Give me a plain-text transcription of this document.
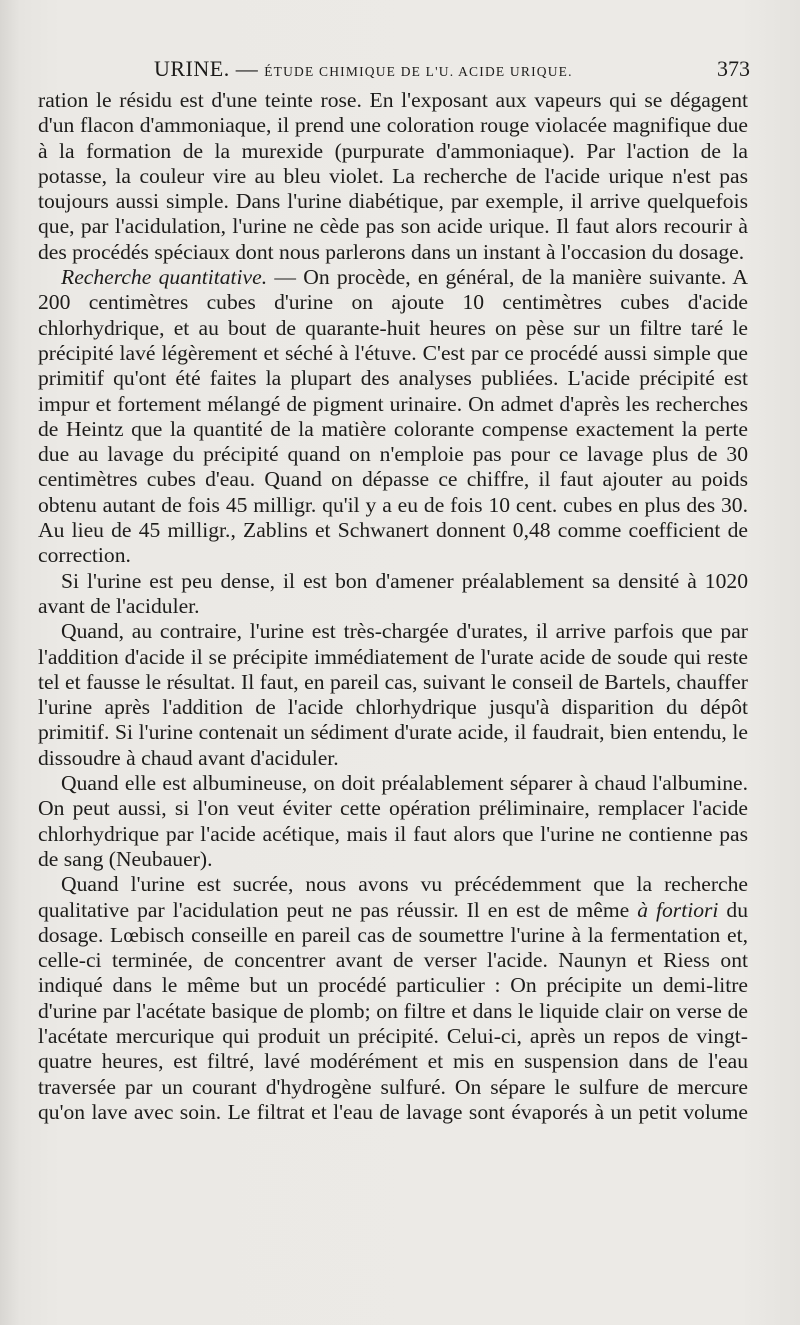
URINE. — ÉTUDE CHIMIQUE DE L'U. ACIDE URIQUE.	373

ration le résidu est d'une teinte rose. En l'exposant aux vapeurs qui se dégagent d'un flacon d'ammoniaque, il prend une coloration rouge violacée magnifique due à la formation de la murexide (purpurate d'ammoniaque). Par l'action de la potasse, la couleur vire au bleu violet. La recherche de l'acide urique n'est pas toujours aussi simple. Dans l'urine diabétique, par exemple, il arrive quelquefois que, par l'acidulation, l'urine ne cède pas son acide urique. Il faut alors recourir à des procédés spéciaux dont nous parlerons dans un instant à l'occasion du dosage.

Recherche quantitative. — On procède, en général, de la manière suivante. A 200 centimètres cubes d'urine on ajoute 10 centimètres cubes d'acide chlorhydrique, et au bout de quarante-huit heures on pèse sur un filtre taré le précipité lavé légèrement et séché à l'étuve. C'est par ce procédé aussi simple que primitif qu'ont été faites la plupart des analyses publiées. L'acide précipité est impur et fortement mélangé de pigment urinaire. On admet d'après les recherches de Heintz que la quantité de la matière colorante compense exactement la perte due au lavage du précipité quand on n'emploie pas pour ce lavage plus de 30 centimètres cubes d'eau. Quand on dépasse ce chiffre, il faut ajouter au poids obtenu autant de fois 45 milligr. qu'il y a eu de fois 10 cent. cubes en plus des 30. Au lieu de 45 milligr., Zablins et Schwanert donnent 0,48 comme coefficient de correction.

Si l'urine est peu dense, il est bon d'amener préalablement sa densité à 1020 avant de l'aciduler.

Quand, au contraire, l'urine est très-chargée d'urates, il arrive parfois que par l'addition d'acide il se précipite immédiatement de l'urate acide de soude qui reste tel et fausse le résultat. Il faut, en pareil cas, suivant le conseil de Bartels, chauffer l'urine après l'addition de l'acide chlorhydrique jusqu'à disparition du dépôt primitif. Si l'urine contenait un sédiment d'urate acide, il faudrait, bien entendu, le dissoudre à chaud avant d'aciduler.

Quand elle est albumineuse, on doit préalablement séparer à chaud l'albumine. On peut aussi, si l'on veut éviter cette opération préliminaire, remplacer l'acide chlorhydrique par l'acide acétique, mais il faut alors que l'urine ne contienne pas de sang (Neubauer).

Quand l'urine est sucrée, nous avons vu précédemment que la recherche qualitative par l'acidulation peut ne pas réussir. Il en est de même à fortiori du dosage. Lœbisch conseille en pareil cas de soumettre l'urine à la fermentation et, celle-ci terminée, de concentrer avant de verser l'acide. Naunyn et Riess ont indiqué dans le même but un procédé particulier : On précipite un demi-litre d'urine par l'acétate basique de plomb; on filtre et dans le liquide clair on verse de l'acétate mercurique qui produit un précipité. Celui-ci, après un repos de vingt-quatre heures, est filtré, lavé modérément et mis en suspension dans de l'eau traversée par un courant d'hydrogène sulfuré. On sépare le sulfure de mercure qu'on lave avec soin. Le filtrat et l'eau de lavage sont évaporés à un petit volume
